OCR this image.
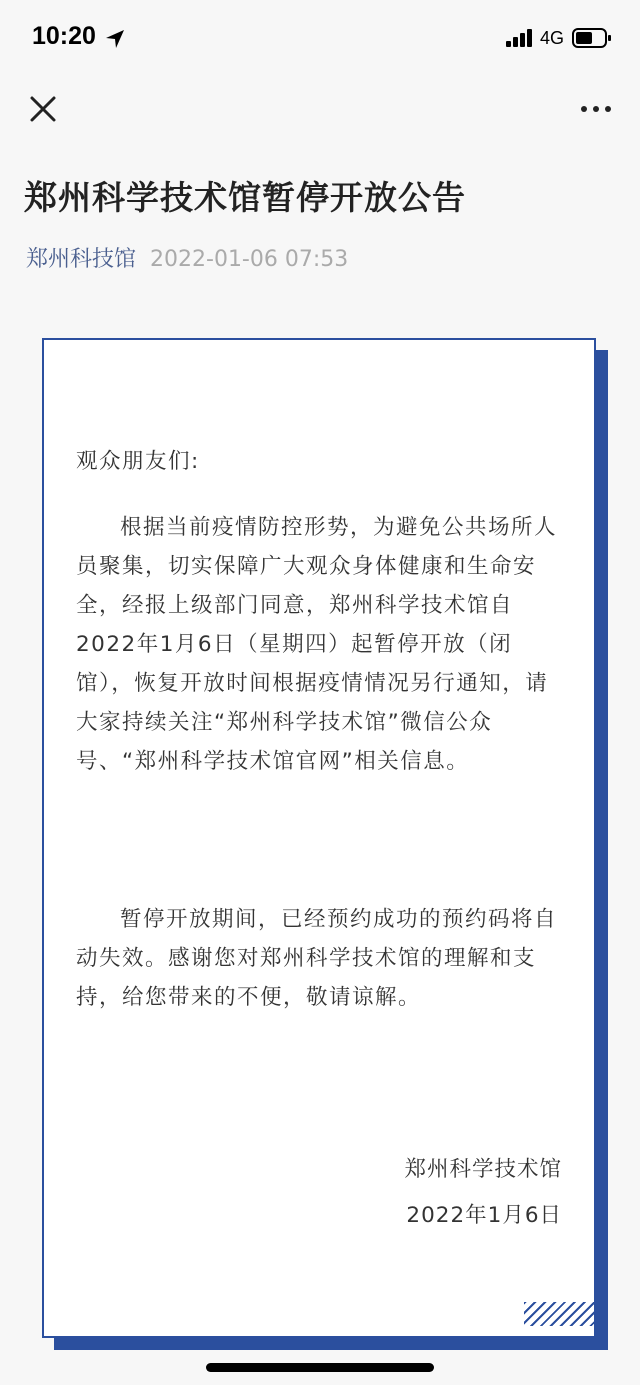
10:20	4G
郑州科学技术馆暂停开放公告
郑州科技馆 2022-01-06 07:53
观众朋友们:
根据当前疫情防控形势，为避免公共场所人员聚集，切实保障广大观众身体健康和生命安全，经报上级部门同意，郑州科学技术馆自2022年1月6日（星期四）起暂停开放（闭馆），恢复开放时间根据疫情情况另行通知，请大家持续关注“郑州科学技术馆”微信公众号、“郑州科学技术馆官网”相关信息。
暂停开放期间，已经预约成功的预约码将自动失效。感谢您对郑州科学技术馆的理解和支持，给您带来的不便，敬请谅解。
郑州科学技术馆
2022年1月6日
